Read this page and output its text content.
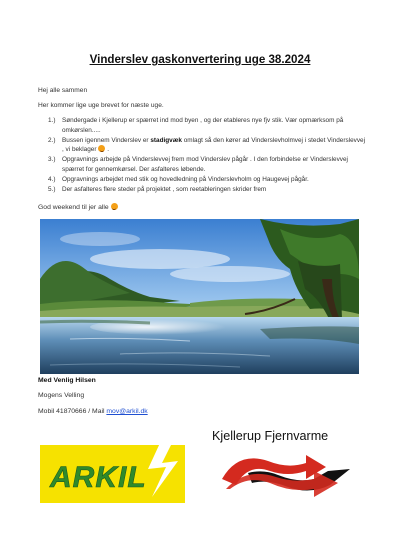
Vinderslev gaskonvertering uge 38.2024
Hej alle sammen
Her kommer lige uge brevet for næste uge.
1.)	Søndergade i Kjellerup er spærret ind mod byen , og der etableres nye fjv stik. Vær opmærksom på omkørslen.....
2.)	Bussen igennem Vinderslev er stadigvæk omlagt så den kører ad Vinderslevholmvej i stedet Vinderslevvej , vi beklager .
3.)	Opgravnings arbejde på Vinderslevvej frem mod Vinderslev pågår . I den forbindelse er Vinderslevvej spærret for gennemkørsel. Der asfalteres løbende.
4.)	Opgravnings arbejdet med stik og hovedledning på Vinderslevholm og Haugevej pågår.
5.)	Der asfalteres flere steder på projektet , som reetableringen skrider frem
God weekend til jer alle
Med Venlig Hilsen
Mogens Velling
Mobil 41870666 / Mail mov@arkil.dk
ARKIL
Kjellerup Fjernvarme
